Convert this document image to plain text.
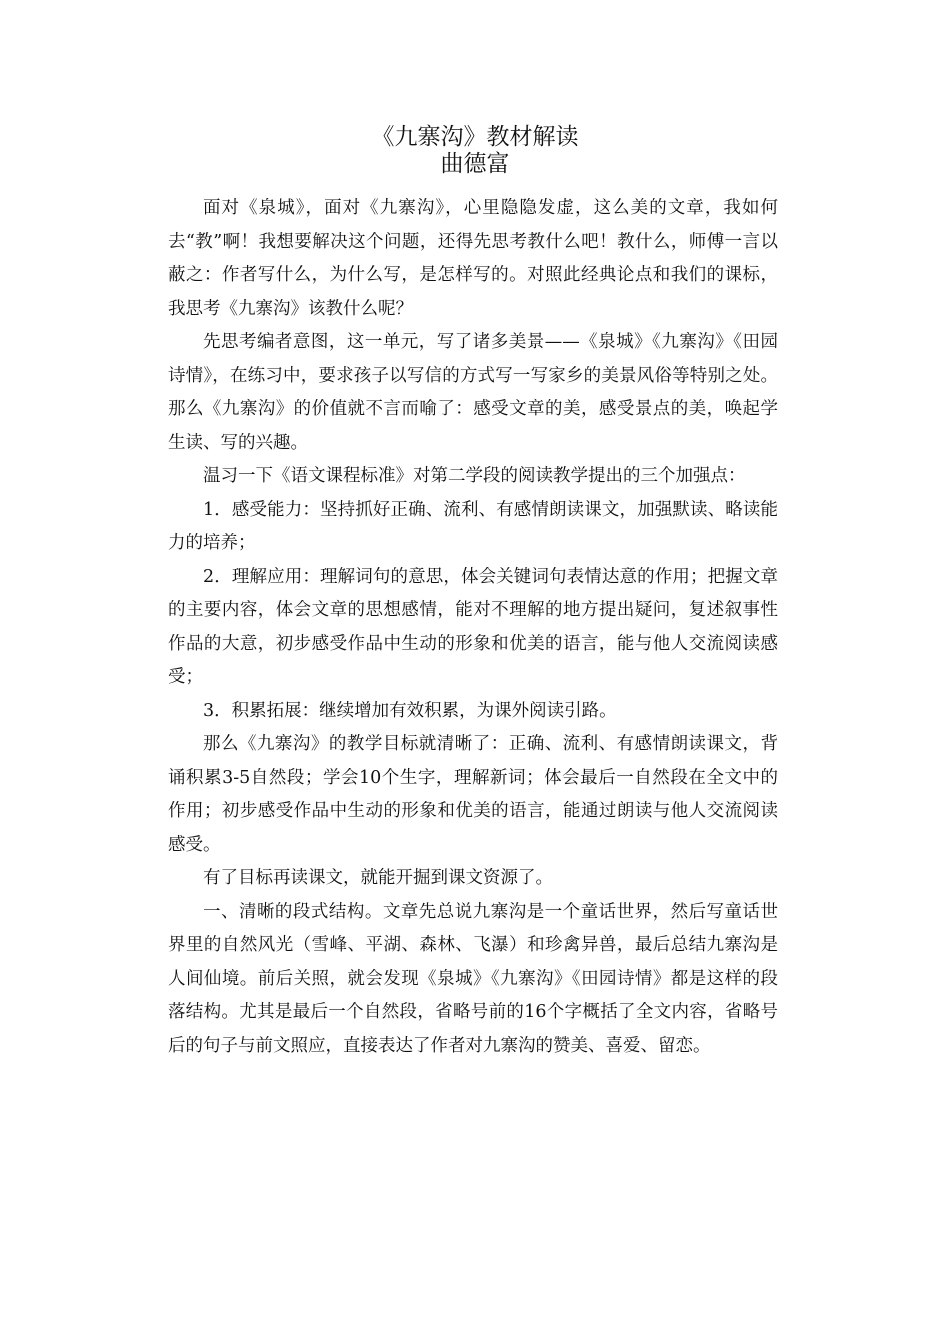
《九寨沟》教材解读
曲德富

面对《泉城》，面对《九寨沟》，心里隐隐发虚，这么美的文章，我如何去“教”啊！我想要解决这个问题，还得先思考教什么吧！教什么，师傅一言以蔽之：作者写什么，为什么写，是怎样写的。对照此经典论点和我们的课标，我思考《九寨沟》该教什么呢？

先思考编者意图，这一单元，写了诸多美景——《泉城》《九寨沟》《田园诗情》，在练习中，要求孩子以写信的方式写一写家乡的美景风俗等特别之处。那么《九寨沟》的价值就不言而喻了：感受文章的美，感受景点的美，唤起学生读、写的兴趣。

温习一下《语文课程标准》对第二学段的阅读教学提出的三个加强点：

1．感受能力：坚持抓好正确、流利、有感情朗读课文，加强默读、略读能力的培养；

2．理解应用：理解词句的意思，体会关键词句表情达意的作用；把握文章的主要内容，体会文章的思想感情，能对不理解的地方提出疑问，复述叙事性作品的大意，初步感受作品中生动的形象和优美的语言，能与他人交流阅读感受；

3．积累拓展：继续增加有效积累，为课外阅读引路。

那么《九寨沟》的教学目标就清晰了：正确、流利、有感情朗读课文，背诵积累3-5自然段；学会10个生字，理解新词；体会最后一自然段在全文中的作用；初步感受作品中生动的形象和优美的语言，能通过朗读与他人交流阅读感受。

有了目标再读课文，就能开掘到课文资源了。

一、清晰的段式结构。文章先总说九寨沟是一个童话世界，然后写童话世界里的自然风光（雪峰、平湖、森林、飞瀑）和珍禽异兽，最后总结九寨沟是人间仙境。前后关照，就会发现《泉城》《九寨沟》《田园诗情》都是这样的段落结构。尤其是最后一个自然段，省略号前的16个字概括了全文内容，省略号后的句子与前文照应，直接表达了作者对九寨沟的赞美、喜爱、留恋。
